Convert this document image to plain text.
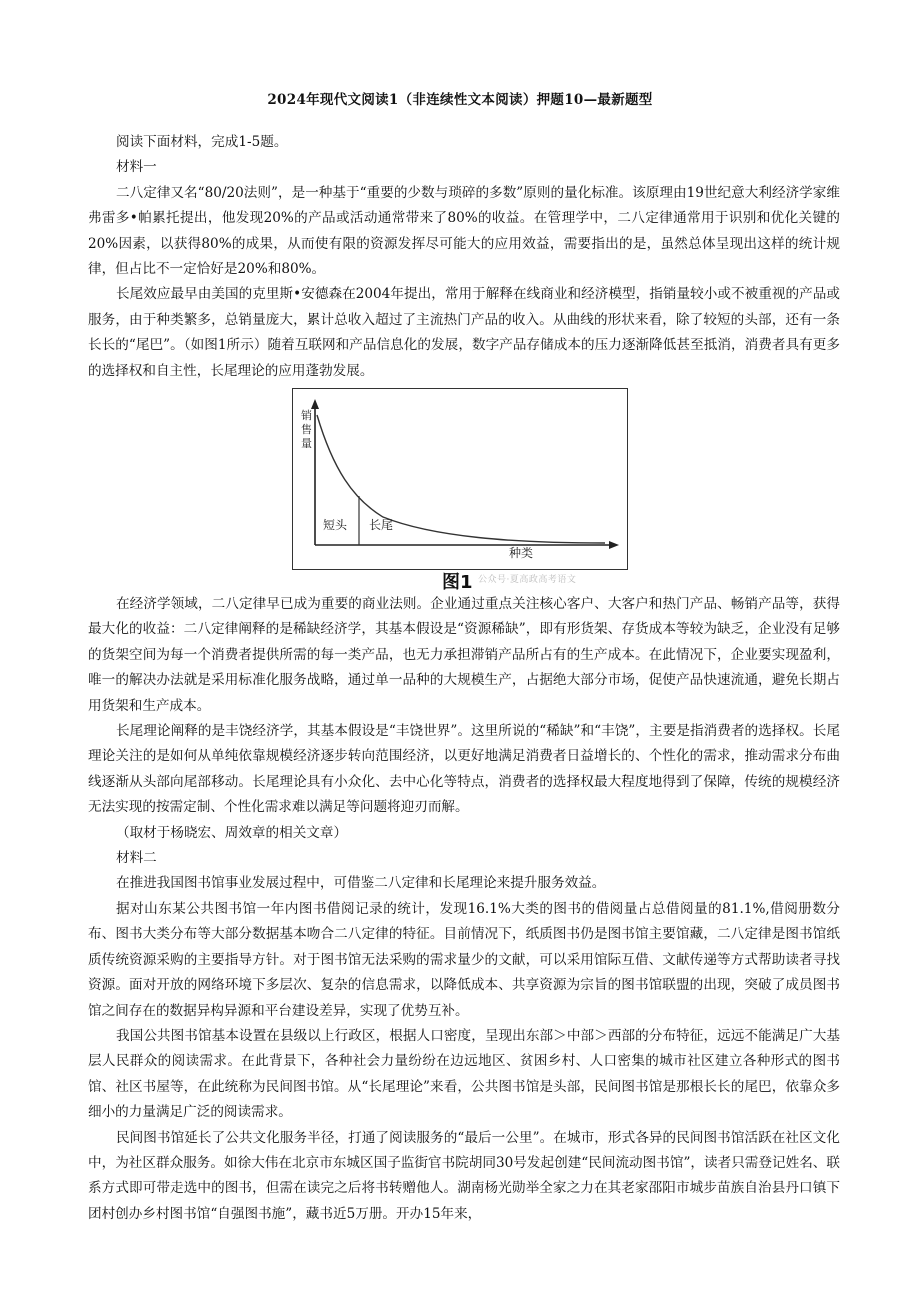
2024年现代文阅读1（非连续性文本阅读）押题10—最新题型

阅读下面材料，完成1-5题。

材料一

二八定律又名“80/20法则”，是一种基于“重要的少数与琐碎的多数”原则的量化标准。该原理由19世纪意大利经济学家维弗雷多•帕累托提出，他发现20%的产品或活动通常带来了80%的收益。在管理学中，二八定律通常用于识别和优化关键的20%因素，以获得80%的成果，从而使有限的资源发挥尽可能大的应用效益，需要指出的是，虽然总体呈现出这样的统计规律，但占比不一定恰好是20%和80%。

长尾效应最早由美国的克里斯•安德森在2004年提出，常用于解释在线商业和经济模型，指销量较小或不被重视的产品或服务，由于种类繁多，总销量庞大，累计总收入超过了主流热门产品的收入。从曲线的形状来看，除了较短的头部，还有一条长长的“尾巴”。（如图1所示）随着互联网和产品信息化的发展，数字产品存储成本的压力逐渐降低甚至抵消，消费者具有更多的选择权和自主性，长尾理论的应用蓬勃发展。

销
售
量
销售量
短头 长尾
种类
图1 公众号·夏高政高考语文

在经济学领域，二八定律早已成为重要的商业法则。企业通过重点关注核心客户、大客户和热门产品、畅销产品等，获得最大化的收益：二八定律阐释的是稀缺经济学，其基本假设是“资源稀缺”，即有形货架、存货成本等较为缺乏，企业没有足够的货架空间为每一个消费者提供所需的每一类产品，也无力承担滞销产品所占有的生产成本。在此情况下，企业要实现盈利，唯一的解决办法就是采用标准化服务战略，通过单一品种的大规模生产，占据绝大部分市场，促使产品快速流通，避免长期占用货架和生产成本。

长尾理论阐释的是丰饶经济学，其基本假设是“丰饶世界”。这里所说的“稀缺”和“丰饶”，主要是指消费者的选择权。长尾理论关注的是如何从单纯依靠规模经济逐步转向范围经济，以更好地满足消费者日益增长的、个性化的需求，推动需求分布曲线逐渐从头部向尾部移动。长尾理论具有小众化、去中心化等特点，消费者的选择权最大程度地得到了保障，传统的规模经济无法实现的按需定制、个性化需求难以满足等问题将迎刃而解。

（取材于杨晓宏、周效章的相关文章）

材料二

在推进我国图书馆事业发展过程中，可借鉴二八定律和长尾理论来提升服务效益。

据对山东某公共图书馆一年内图书借阅记录的统计，发现16.1%大类的图书的借阅量占总借阅量的81.1%,借阅册数分布、图书大类分布等大部分数据基本吻合二八定律的特征。目前情况下，纸质图书仍是图书馆主要馆藏，二八定律是图书馆纸质传统资源采购的主要指导方针。对于图书馆无法采购的需求量少的文献，可以采用馆际互借、文献传递等方式帮助读者寻找资源。面对开放的网络环境下多层次、复杂的信息需求，以降低成本、共享资源为宗旨的图书馆联盟的出现，突破了成员图书馆之间存在的数据异构异源和平台建设差异，实现了优势互补。

我国公共图书馆基本设置在县级以上行政区，根据人口密度，呈现出东部＞中部＞西部的分布特征，远远不能满足广大基层人民群众的阅读需求。在此背景下，各种社会力量纷纷在边远地区、贫困乡村、人口密集的城市社区建立各种形式的图书馆、社区书屋等，在此统称为民间图书馆。从“长尾理论”来看，公共图书馆是头部，民间图书馆是那根长长的尾巴，依靠众多细小的力量满足广泛的阅读需求。

民间图书馆延长了公共文化服务半径，打通了阅读服务的“最后一公里”。在城市，形式各异的民间图书馆活跃在社区文化中，为社区群众服务。如徐大伟在北京市东城区国子监街官书院胡同30号发起创建“民间流动图书馆”，读者只需登记姓名、联系方式即可带走选中的图书，但需在读完之后将书转赠他人。湖南杨光勋举全家之力在其老家邵阳市城步苗族自治县丹口镇下团村创办乡村图书馆“自强图书施”，藏书近5万册。开办15年来，
